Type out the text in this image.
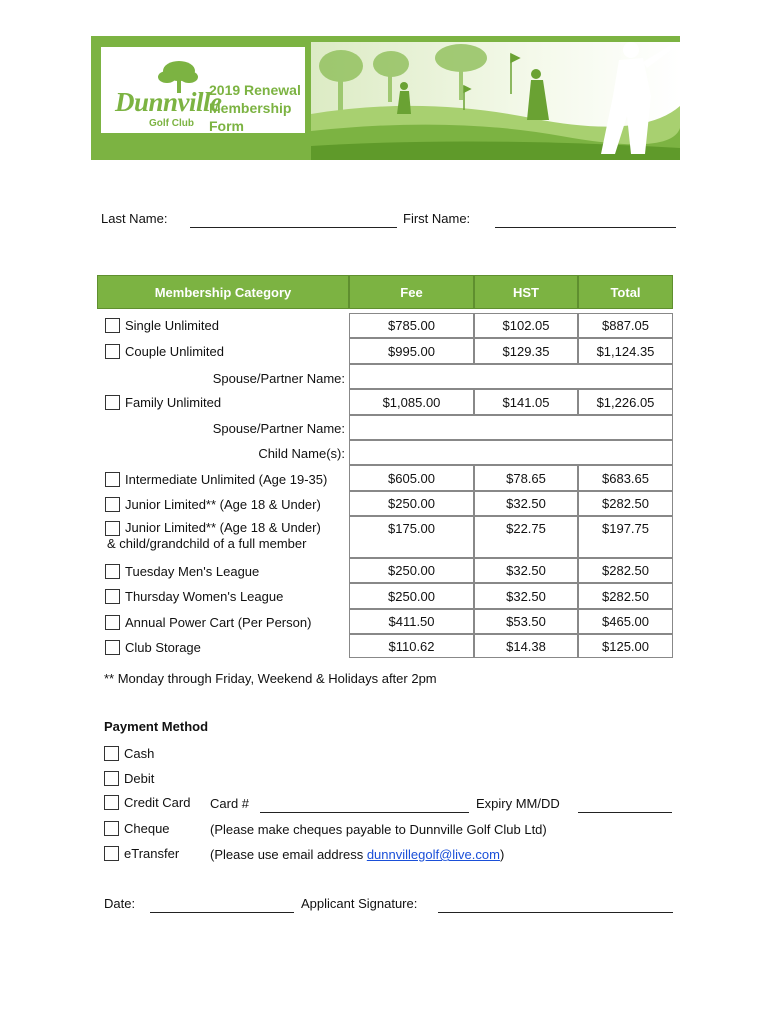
Dunnville
Golf Club
2019 Renewal
Membership
Form
Last Name:	First Name:
Membership Category	Fee	HST	Total
Single Unlimited	$785.00	$102.05	$887.05
Couple Unlimited	$995.00	$129.35	$1,124.35
Spouse/Partner Name:
Family Unlimited	$1,085.00	$141.05	$1,226.05
Spouse/Partner Name:
Child Name(s):
Intermediate Unlimited (Age 19-35)	$605.00	$78.65	$683.65
Junior Limited** (Age 18 & Under)	$250.00	$32.50	$282.50
Junior Limited** (Age 18 & Under)
& child/grandchild of a full member
$175.00	$22.75	$197.75
Tuesday Men's League	$250.00	$32.50	$282.50
Thursday Women's League	$250.00	$32.50	$282.50
Annual Power Cart (Per Person)	$411.50	$53.50	$465.00
Club Storage	$110.62	$14.38	$125.00
** Monday through Friday, Weekend & Holidays after 2pm
Payment Method
Cash
Debit
Credit Card Card #	Expiry MM/DD
Cheque	(Please make cheques payable to Dunnville Golf Club Ltd)
eTransfer (Please use email address dunnvillegolf@live.com)
Date:	Applicant Signature:
